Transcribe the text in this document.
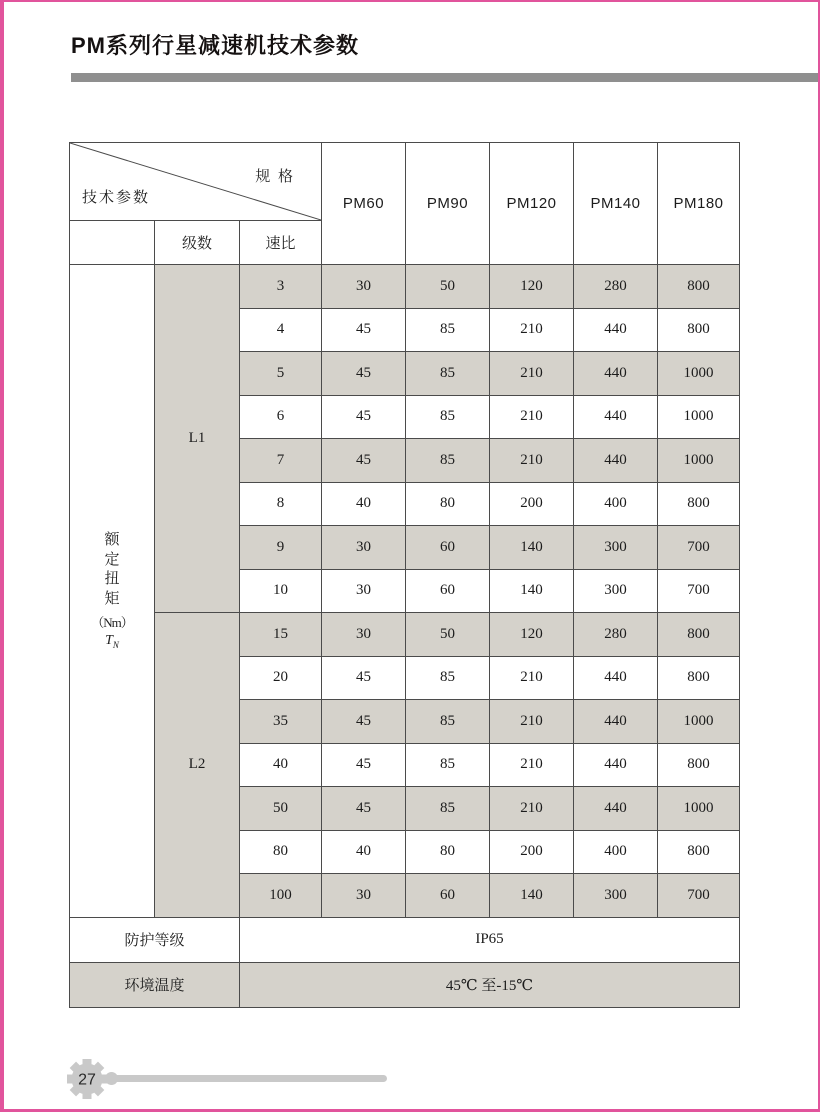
PM系列行星减速机技术参数
规 格
技术参数			PM60	PM90	PM120	PM140	PM180
	级数	速比					

额定扭矩
（Nm）
$T_N$	L1	3	30	50	120	280	800
		4	45	85	210	440	800
		5	45	85	210	440	1000
		6	45	85	210	440	1000
		7	45	85	210	440	1000
		8	40	80	200	400	800
		9	30	60	140	300	700
		10	30	60	140	300	700
	L2	15	30	50	120	280	800
		20	45	85	210	440	800
		35	45	85	210	440	1000
		40	45	85	210	440	800
		50	45	85	210	440	1000
		80	40	80	200	400	800
		100	30	60	140	300	700
防护等级		IP65					
环境温度		45℃ 至-15℃					
27
